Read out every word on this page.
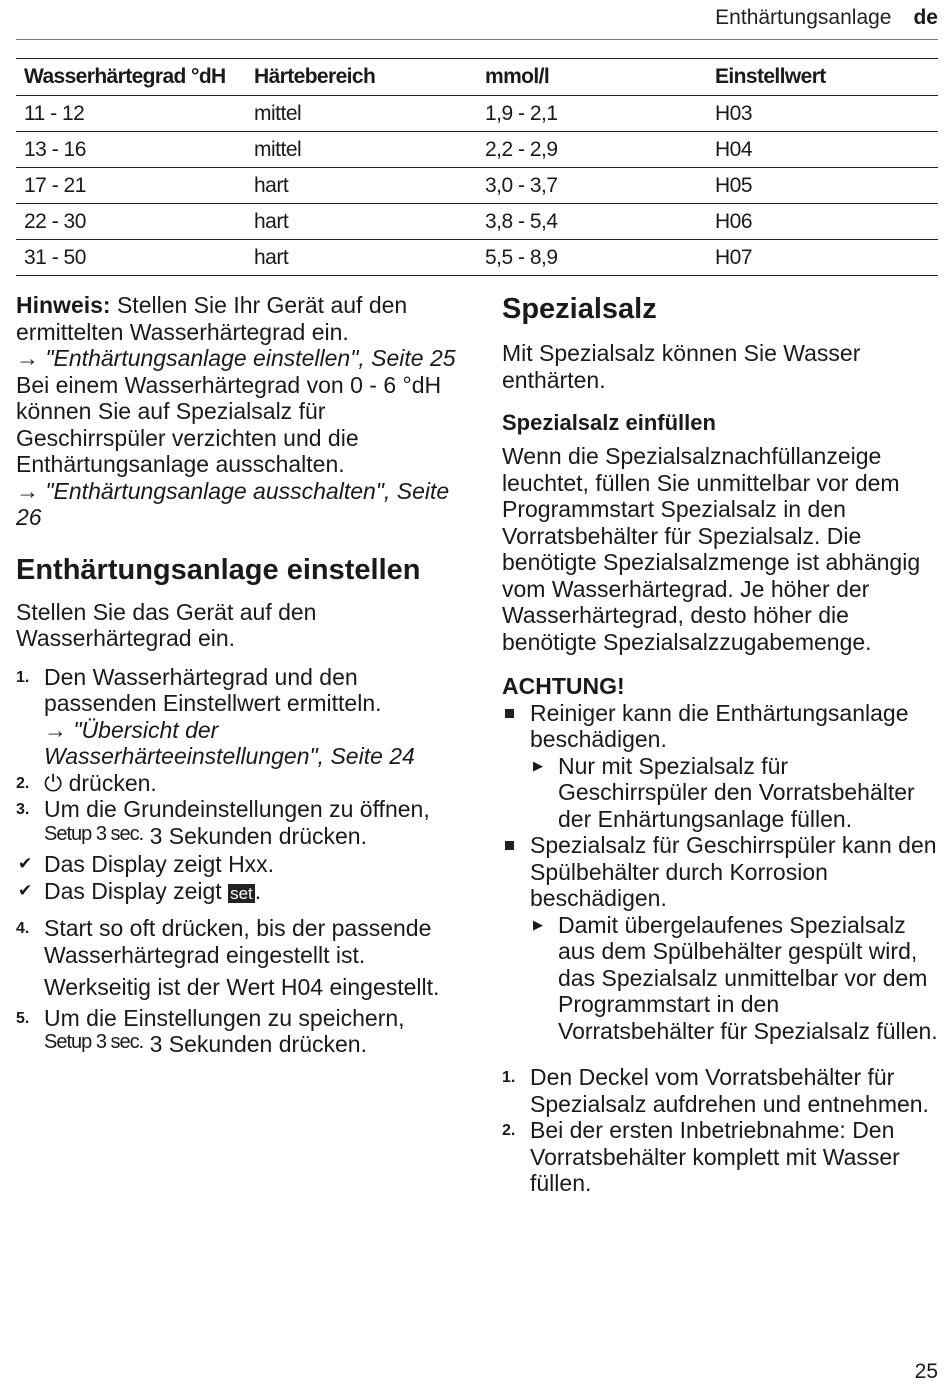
Enthärtungsanlage de
Wasserhärtegrad °dH	Härtebereich	mmol/l	Einstellwert
11 - 12	mittel	1,9 - 2,1	H03
13 - 16	mittel	2,2 - 2,9	H04
17 - 21	hart	3,0 - 3,7	H05
22 - 30	hart	3,8 - 5,4	H06
31 - 50	hart	5,5 - 8,9	H07

Hinweis: Stellen Sie Ihr Gerät auf den ermittelten Wasserhärtegrad ein.

→ "Enthärtungsanlage einstellen", Seite 25

Bei einem Wasserhärtegrad von 0 - 6 °dH können Sie auf Spezialsalz für Geschirrspüler verzichten und die Enthärtungsanlage ausschalten.

→ "Enthärtungsanlage ausschalten", Seite 26

Enthärtungsanlage einstellen

Stellen Sie das Gerät auf den Wasserhärtegrad ein.

1. Den Wasserhärtegrad und den passenden Einstellwert ermitteln.
→ "Übersicht der Wasserhärteeinstellungen", Seite 24
2. ⏻ drücken.
3. Um die Grundeinstellungen zu öffnen, Setup 3 sec. 3 Sekunden drücken.
✔ Das Display zeigt Hxx.
✔ Das Display zeigt set.
4. Start so oft drücken, bis der passende Wasserhärtegrad eingestellt ist.

Werkseitig ist der Wert H04 eingestellt.

5. Um die Einstellungen zu speichern,
Setup 3 sec. 3 Sekunden drücken.
Spezialsalz

Mit Spezialsalz können Sie Wasser enthärten.

Spezialsalz einfüllen

Wenn die Spezialsalznachfüllanzeige leuchtet, füllen Sie unmittelbar vor dem Programmstart Spezialsalz in den Vorratsbehälter für Spezialsalz. Die benötigte Spezialsalzmenge ist abhängig vom Wasserhärtegrad. Je höher der Wasserhärtegrad, desto höher die benötigte Spezialsalzzugabemenge.

ACHTUNG!

Reiniger kann die Enthärtungsanlage beschädigen.
▶ Nur mit Spezialsalz für Geschirrspüler den Vorratsbehälter der Enhärtungsanlage füllen.
Spezialsalz für Geschirrspüler kann den Spülbehälter durch Korrosion beschädigen.
▶ Damit übergelaufenes Spezialsalz aus dem Spülbehälter gespült wird, das Spezialsalz unmittelbar vor dem Programmstart in den Vorratsbehälter für Spezialsalz füllen.
1. Den Deckel vom Vorratsbehälter für Spezialsalz aufdrehen und entnehmen.
2. Bei der ersten Inbetriebnahme: Den Vorratsbehälter komplett mit Wasser füllen.
25
